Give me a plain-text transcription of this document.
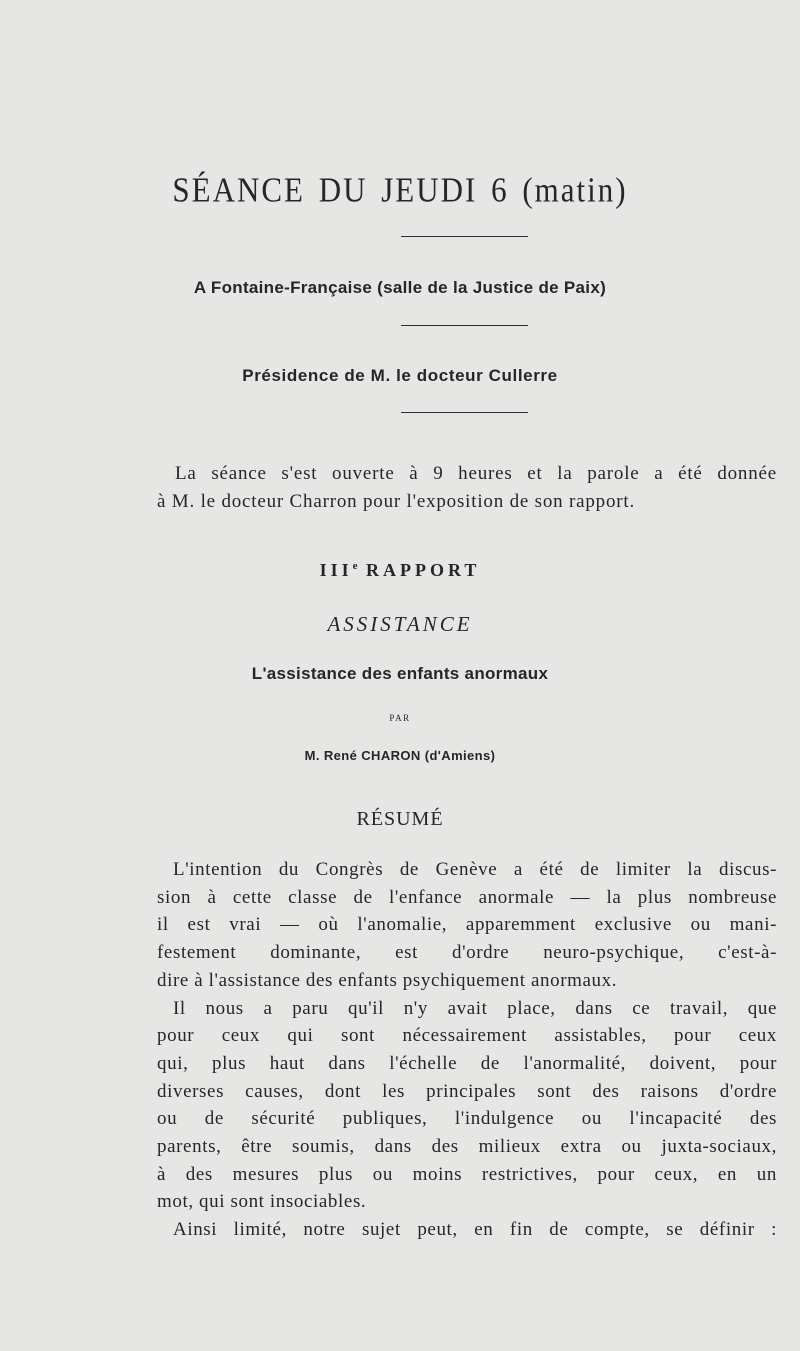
SÉANCE DU JEUDI 6 (matin)
A Fontaine-Française (salle de la Justice de Paix)
Présidence de M. le docteur Cullerre
La séance s'est ouverte à 9 heures et la parole a été donnée
à M. le docteur Charron pour l'exposition de son rapport.
IIIe RAPPORT
ASSISTANCE
L'assistance des enfants anormaux
PAR
M. René CHARON (d'Amiens)
RÉSUMÉ
L'intention du Congrès de Genève a été de limiter la discus-
sion à cette classe de l'enfance anormale — la plus nombreuse
il est vrai — où l'anomalie, apparemment exclusive ou mani-
festement dominante, est d'ordre neuro-psychique, c'est-à-
dire à l'assistance des enfants psychiquement anormaux.
Il nous a paru qu'il n'y avait place, dans ce travail, que
pour ceux qui sont nécessairement assistables, pour ceux
qui, plus haut dans l'échelle de l'anormalité, doivent, pour
diverses causes, dont les principales sont des raisons d'ordre
ou de sécurité publiques, l'indulgence ou l'incapacité des
parents, être soumis, dans des milieux extra ou juxta-sociaux,
à des mesures plus ou moins restrictives, pour ceux, en un
mot, qui sont insociables.
Ainsi limité, notre sujet peut, en fin de compte, se définir :
